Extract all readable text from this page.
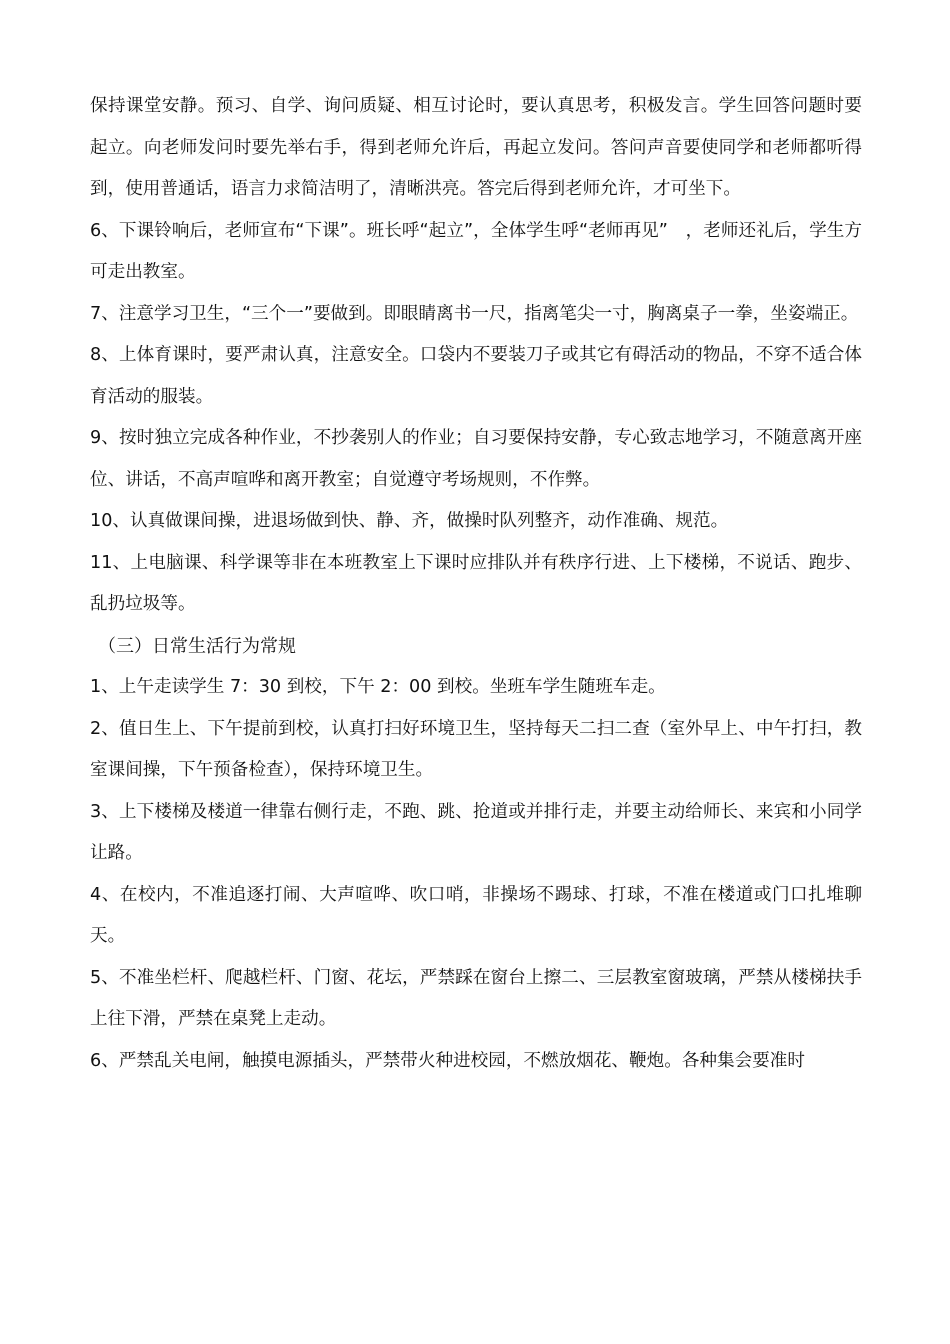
保持课堂安静。预习、自学、询问质疑、相互讨论时，要认真思考，积极发言。学生回答问题时要起立。向老师发问时要先举右手，得到老师允许后，再起立发问。答问声音要使同学和老师都听得到，使用普通话，语言力求简洁明了，清晰洪亮。答完后得到老师允许，才可坐下。

6、下课铃响后，老师宣布“下课”。班长呼“起立”，全体学生呼“老师再见”　，老师还礼后，学生方可走出教室。

7、注意学习卫生，“三个一”要做到。即眼睛离书一尺，指离笔尖一寸，胸离桌子一拳，坐姿端正。

8、上体育课时，要严肃认真，注意安全。口袋内不要装刀子或其它有碍活动的物品，不穿不适合体育活动的服装。

9、按时独立完成各种作业，不抄袭别人的作业；自习要保持安静，专心致志地学习，不随意离开座位、讲话，不高声喧哗和离开教室；自觉遵守考场规则，不作弊。

10、认真做课间操，进退场做到快、静、齐，做操时队列整齐，动作准确、规范。

11、上电脑课、科学课等非在本班教室上下课时应排队并有秩序行进、上下楼梯，不说话、跑步、乱扔垃圾等。

（三）日常生活行为常规

1、上午走读学生 7：30 到校，下午 2：00 到校。坐班车学生随班车走。

2、值日生上、下午提前到校，认真打扫好环境卫生，坚持每天二扫二查（室外早上、中午打扫，教室课间操，下午预备检查），保持环境卫生。

3、上下楼梯及楼道一律靠右侧行走，不跑、跳、抢道或并排行走，并要主动给师长、来宾和小同学让路。

4、在校内，不准追逐打闹、大声喧哗、吹口哨，非操场不踢球、打球，不准在楼道或门口扎堆聊天。

5、不准坐栏杆、爬越栏杆、门窗、花坛，严禁踩在窗台上擦二、三层教室窗玻璃，严禁从楼梯扶手上往下滑，严禁在桌凳上走动。

6、严禁乱关电闸，触摸电源插头，严禁带火种进校园，不燃放烟花、鞭炮。各种集会要准时
